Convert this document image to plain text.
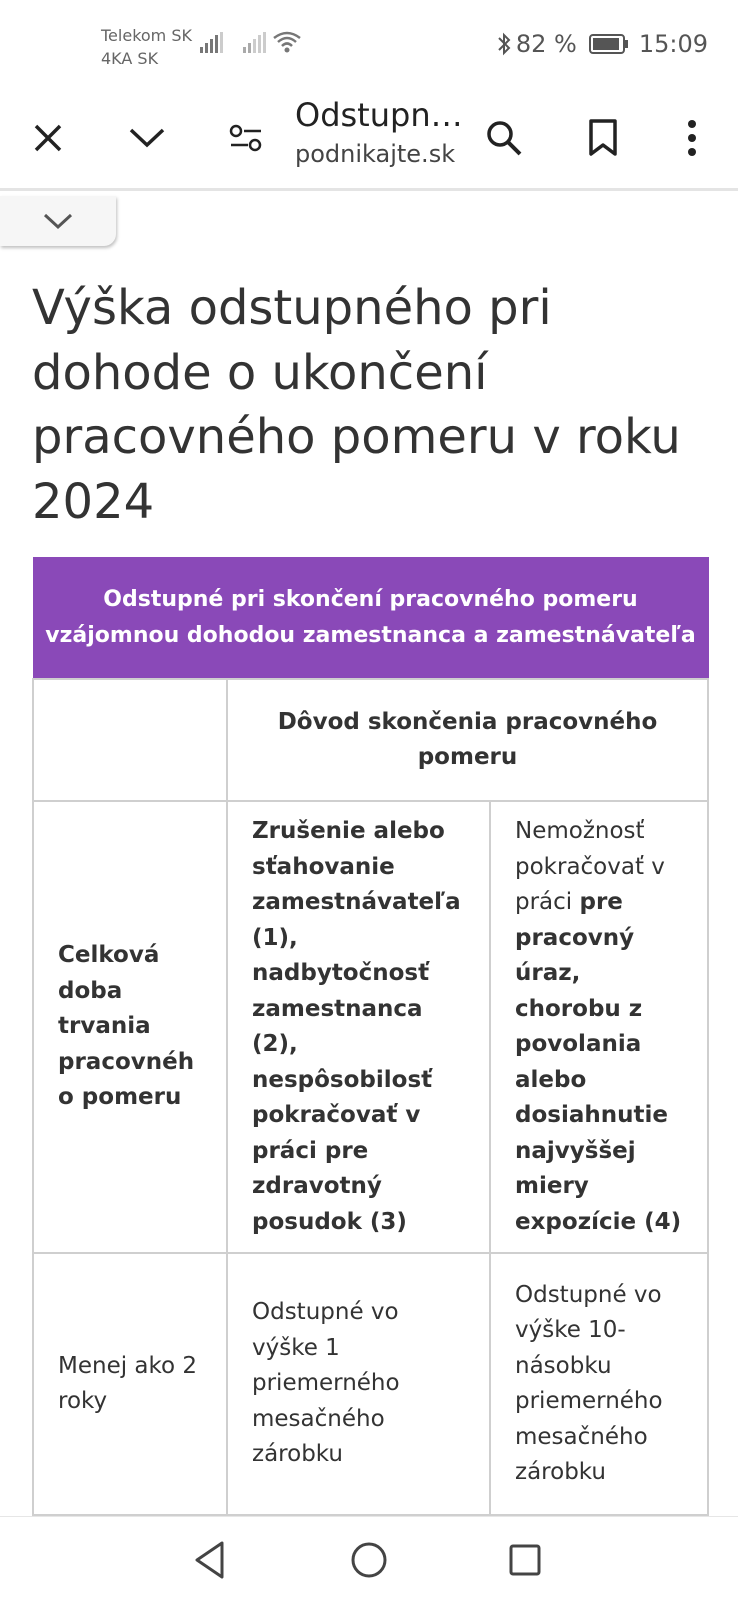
Telekom SK
4KA SK
82 %	15:09
Odstupn…
podnikajte.sk
Výška odstupného pri dohode o ukončení pracovného pomeru v roku 2024
Odstupné pri skončení pracovného pomeru vzájomnou dohodou zamestnanca a zamestnávateľa		
	Dôvod skončenia pracovného pomeru	
Celková doba trvania pracovného pomeru	Zrušenie alebo sťahovanie zamestnávateľa (1), nadbytočnosť zamestnanca (2), nespôsobilosť pokračovať v práci pre zdravotný posudok (3)	Nemožnosť pokračovať v práci pre pracovný úraz, chorobu z povolania alebo dosiahnutie najvyššej miery expozície (4)
Menej ako 2 roky	Odstupné vo výške 1 priemerného mesačného zárobku	Odstupné vo výške 10-násobku priemerného mesačného zárobku
